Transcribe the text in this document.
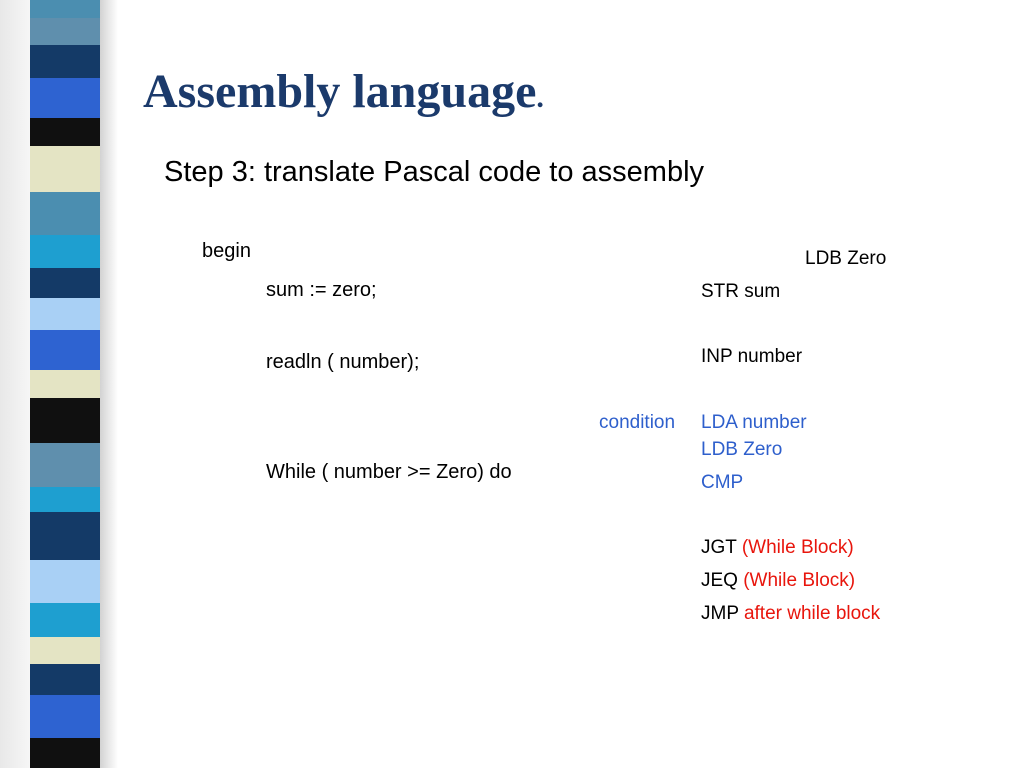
Assembly language.
Step 3: translate Pascal code to assembly
begin
sum := zero;
readln ( number);
While ( number >= Zero) do
condition
LDB Zero
STR sum
INP number
LDA number
LDB Zero
CMP
JGT (While Block)
JEQ (While Block)
JMP after while block
